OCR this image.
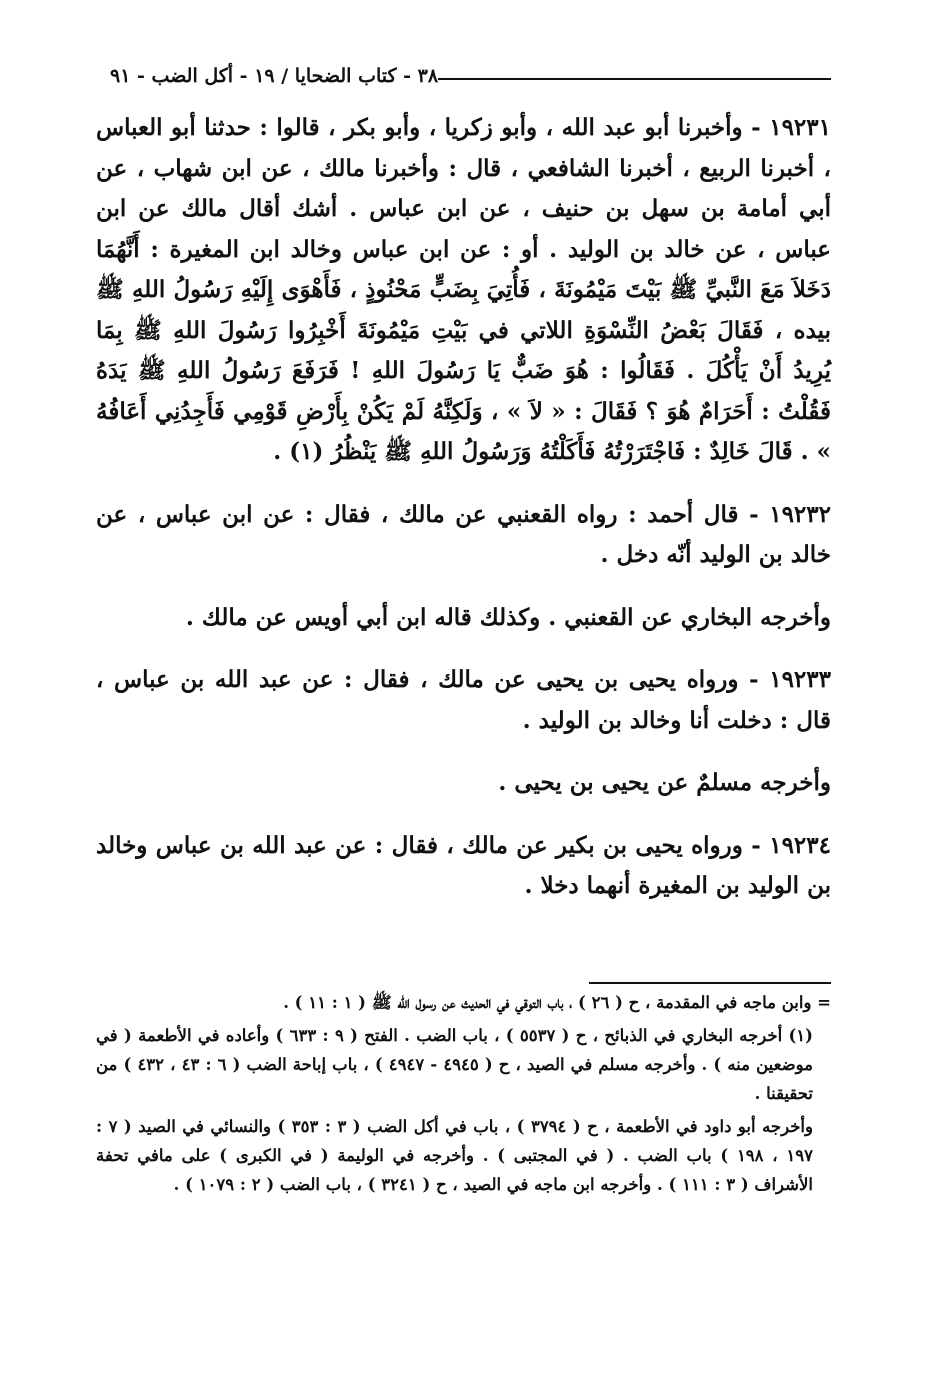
٣٨ - كتاب الضحايا / ١٩ - أكل الضب - ٩١

١٩٢٣١ - وأخبرنا أبو عبد الله ، وأبو زكريا ، وأبو بكر ، قالوا : حدثنا أبو العباس ، أخبرنا الربيع ، أخبرنا الشافعي ، قال : وأخبرنا مالك ، عن ابن شهاب ، عن أبي أمامة بن سهل بن حنيف ، عن ابن عباس . أشك أقال مالك عن ابن عباس ، عن خالد بن الوليد . أو : عن ابن عباس وخالد ابن المغيرة : أَنَّهُمَا دَخَلاَ مَعَ النَّبيِّ ﷺ بَيْتَ مَيْمُونَةَ ، فَأُتِيَ بِضَبٍّ مَحْنُوذٍ ، فَأَهْوَى إِلَيْهِ رَسُولُ اللهِ ﷺ بيده ، فَقَالَ بَعْضُ النِّسْوَةِ اللاتي في بَيْتِ مَيْمُونَةَ أَخْبِرُوا رَسُولَ اللهِ ﷺ بِمَا يُرِيدُ أَنْ يَأْكُلَ . فَقَالُوا : هُوَ ضَبٌّ يَا رَسُولَ اللهِ ! فَرَفَعَ رَسُولُ اللهِ ﷺ يَدَهُ فَقُلْتُ : أَحَرَامٌ هُوَ ؟ فَقَالَ : « لاَ » ، وَلَكِنَّهُ لَمْ يَكُنْ بِأَرْضِ قَوْمِي فَأَجِدُنِي أَعَافُهُ » . قَالَ خَالِدٌ : فَاجْتَرَرْتُهُ فَأَكَلْتُهُ وَرَسُولُ اللهِ ﷺ يَنْظُرُ (١) .

١٩٢٣٢ - قال أحمد : رواه القعنبي عن مالك ، فقال : عن ابن عباس ، عن خالد بن الوليد أنّه دخل .

وأخرجه البخاري عن القعنبي . وكذلك قاله ابن أبي أويس عن مالك .

١٩٢٣٣ - ورواه يحيى بن يحيى عن مالك ، فقال : عن عبد الله بن عباس ، قال : دخلت أنا وخالد بن الوليد .

وأخرجه مسلمٌ عن يحيى بن يحيى .

١٩٢٣٤ - ورواه يحيى بن بكير عن مالك ، فقال : عن عبد الله بن عباس وخالد بن الوليد بن المغيرة أنهما دخلا .

= وابن ماجه في المقدمة ، ح ( ٢٦ ) ، باب التوقي في الحديث عن رسول الله ﷺ ( ١ : ١١ ) .

(١) أخرجه البخاري في الذبائح ، ح ( ٥٥٣٧ ) ، باب الضب . الفتح ( ٩ : ٦٣٣ ) وأعاده في الأطعمة ( في موضعين منه ) . وأخرجه مسلم في الصيد ، ح ( ٤٩٤٥ - ٤٩٤٧ ) ، باب إباحة الضب ( ٦ : ٤٣ ، ٤٣٢ ) من تحقيقنا .

وأخرجه أبو داود في الأطعمة ، ح ( ٣٧٩٤ ) ، باب في أكل الضب ( ٣ : ٣٥٣ ) والنسائي في الصيد ( ٧ : ١٩٧ ، ١٩٨ ) باب الضب . ( في المجتبى ) . وأخرجه في الوليمة ( في الكبرى ) على مافي تحفة الأشراف ( ٣ : ١١١ ) . وأخرجه ابن ماجه في الصيد ، ح ( ٣٢٤١ ) ، باب الضب ( ٢ : ١٠٧٩ ) .
